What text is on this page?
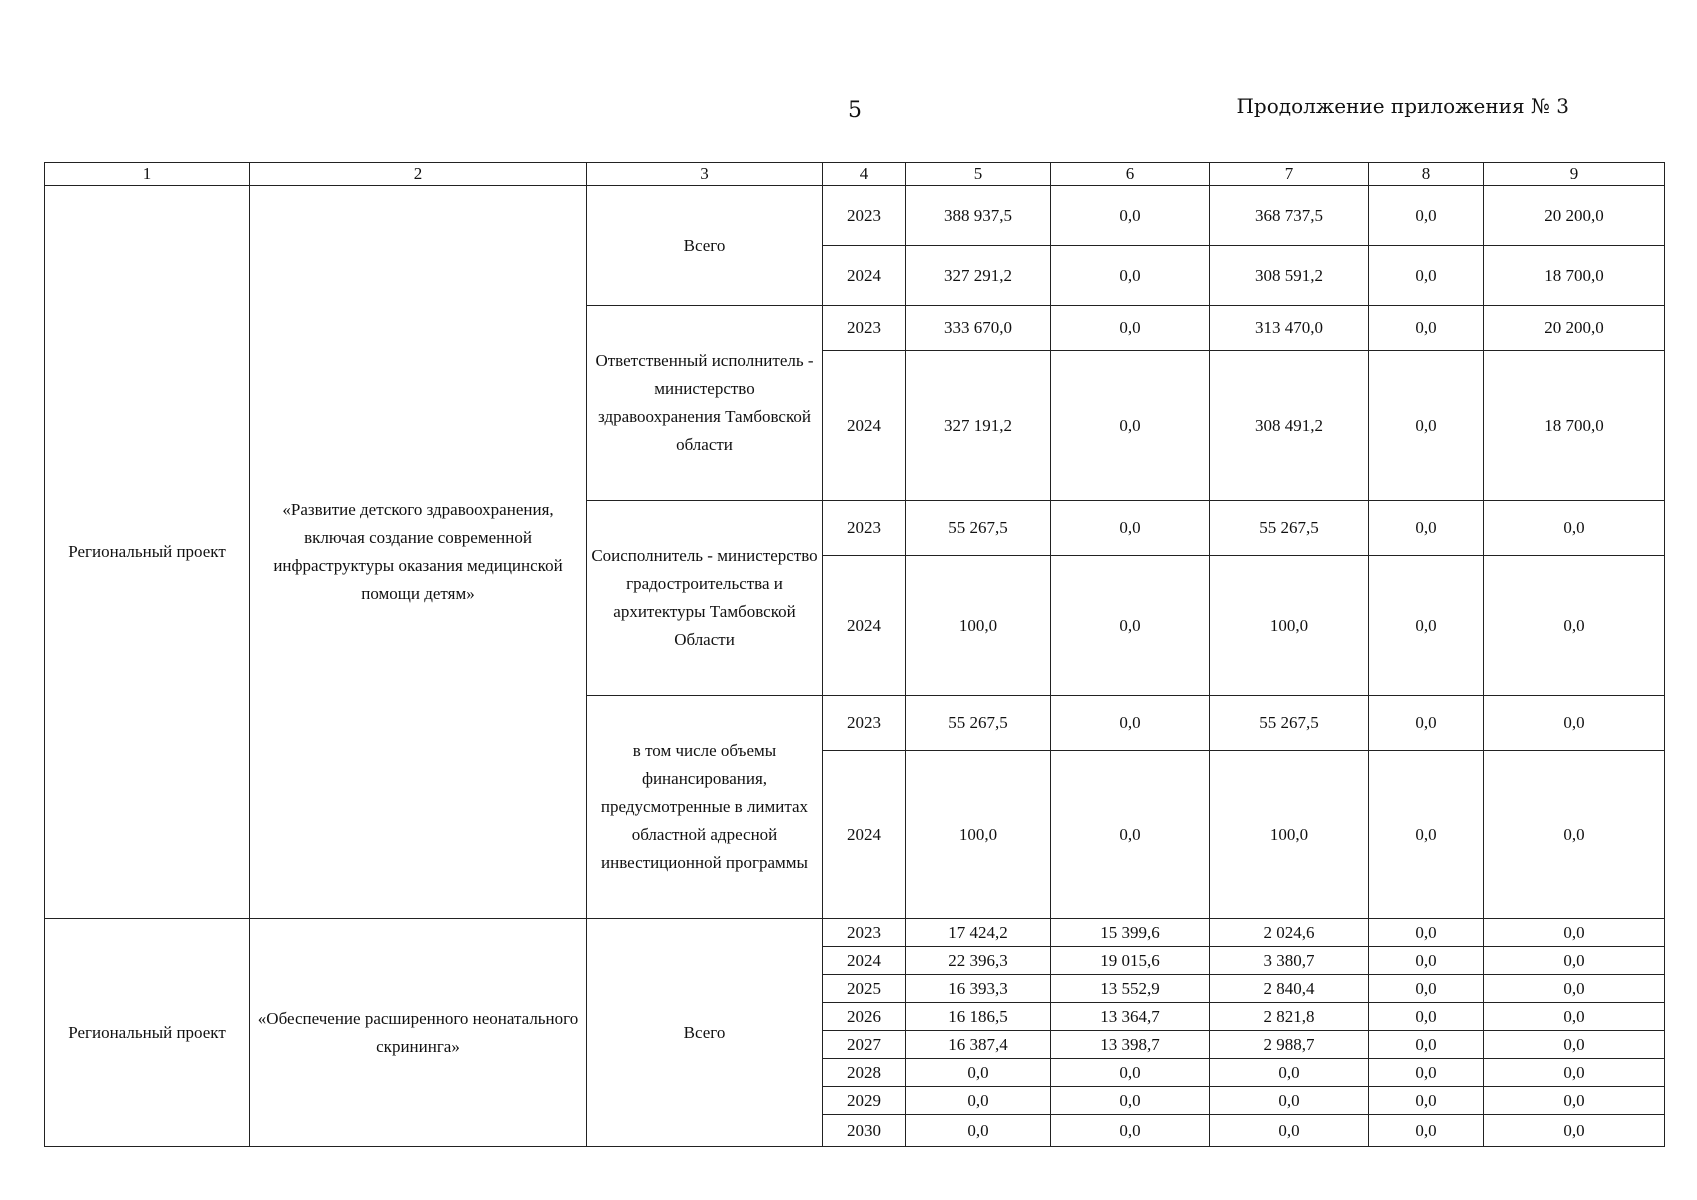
5	Продолжение приложения № 3
1	2	3	4	5	6	7	8	9
Региональный проект	«Развитие детского здравоохранения, включая создание современной инфраструктуры оказания медицинской помощи детям»	Всего	2023	388 937,5	0,0	368 737,5	0,0	20 200,0
			2024	327 291,2	0,0	308 591,2	0,0	18 700,0
		Ответственный исполнитель - министерство здравоохранения Тамбовской области	2023	333 670,0	0,0	313 470,0	0,0	20 200,0
			2024	327 191,2	0,0	308 491,2	0,0	18 700,0
		Соисполнитель - министерство градостроительства и архитектуры Тамбовской Области	2023	55 267,5	0,0	55 267,5	0,0	0,0
			2024	100,0	0,0	100,0	0,0	0,0
		в том числе объемы финансирования, предусмотренные в лимитах областной адресной инвестиционной программы	2023	55 267,5	0,0	55 267,5	0,0	0,0
			2024	100,0	0,0	100,0	0,0	0,0
Региональный проект	«Обеспечение расширенного неонатального скрининга»	Всего	2023	17 424,2	15 399,6	2 024,6	0,0	0,0
			2024	22 396,3	19 015,6	3 380,7	0,0	0,0
			2025	16 393,3	13 552,9	2 840,4	0,0	0,0
			2026	16 186,5	13 364,7	2 821,8	0,0	0,0
			2027	16 387,4	13 398,7	2 988,7	0,0	0,0
			2028	0,0	0,0	0,0	0,0	0,0
			2029	0,0	0,0	0,0	0,0	0,0
			2030	0,0	0,0	0,0	0,0	0,0
